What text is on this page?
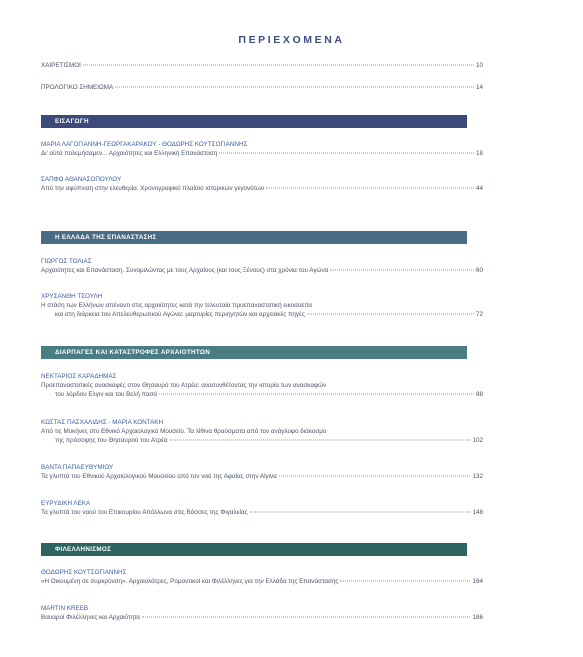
ΠΕΡΙΕΧΟΜΕΝΑ
ΧΑΙΡΕΤΙΣΜΟΙ	10
ΠΡΟΛΟΓΙΚΟ ΣΗΜΕΙΩΜΑ	14
ΕΙΣΑΓΩΓΗ
ΜΑΡΙΑ ΛΑΓΟΓΙΑΝΝΗ-ΓΕΩΡΓΑΚΑΡΑΚΟΥ - ΘΟΔΩΡΗΣ ΚΟΥΤΣΟΓΙΑΝΝΗΣ
Δι’ αὐτά πολεμήσαμεν... Αρχαιότητες και Ελληνική Επανάσταση	18
ΣΑΠΦΩ ΑΘΑΝΑΣΟΠΟΥΛΟΥ
Από την αφύπνιση στην ελευθερία. Χρονογραφικό πλαίσιο ιστορικών γεγονότων	44
Η ΕΛΛΑΔΑ ΤΗΣ ΕΠΑΝΑΣΤΑΣΗΣ
ΓΙΩΡΓΟΣ ΤΟΛΙΑΣ
Αρχαιότητες και Επανάσταση. Συνομιλώντας με τους Αρχαίους (και τους Ξένους) στα χρόνια του Αγώνα	60
ΧΡΥΣΑΝΘΗ ΤΣΟΥΛΗ
Η στάση των Ελλήνων απέναντι στις αρχαιότητες κατά την τελευταία προεπαναστατική εικοσαετία
και στη διάρκεια του Απελευθερωτικού Αγώνα: μαρτυρίες περιηγητών και αρχειακές πηγές	72
ΔΙΑΡΠΑΓΕΣ ΚΑΙ ΚΑΤΑΣΤΡΟΦΕΣ ΑΡΧΑΙΟΤΗΤΩΝ
ΝΕΚΤΑΡΙΟΣ ΚΑΡΑΔΗΜΑΣ
Προεπαναστατικές ανασκαφές στον Θησαυρό του Ατρέα: ανασυνθέτοντας την ιστορία των ανασκαφών
του λόρδου Ελγιν και του Βελή πασά	88
ΚΩΣΤΑΣ ΠΑΣΧΑΛΙΔΗΣ - ΜΑΡΙΑ ΚΟΝΤΑΚΗ
Από τις Μυκήνες στο Εθνικό Αρχαιολογικό Μουσείο. Τα λίθινα θραύσματα από τον ανάγλυφο διάκοσμο
της πρόσοψης του Θησαυρού του Ατρέα	102
ΒΑΝΤΑ ΠΑΠΑΕΥΘΥΜΙΟΥ
Τα γλυπτά του Εθνικού Αρχαιολογικού Μουσείου από τον ναό της Αφαίας στην Αίγινα	132
ΕΥΡΥΔΙΚΗ ΛΕΚΑ
Τα γλυπτά του ναού του Επικουρίου Απόλλωνα στις Βάσσες της Φιγαλείας	148
ΦΙΛΕΛΛΗΝΙΣΜΟΣ
ΘΟΔΩΡΗΣ ΚΟΥΤΣΟΓΙΑΝΝΗΣ
«Η Οικουμένη σε συμκρύνση». Αρχαιολάτρες, Ρομαντικοί και Φιλέλληνες για την Ελλάδα της Επανάστασης	164
MARTIN KREEB
Βαυαροί Φιλέλληνες και Αρχαιότητα	186
